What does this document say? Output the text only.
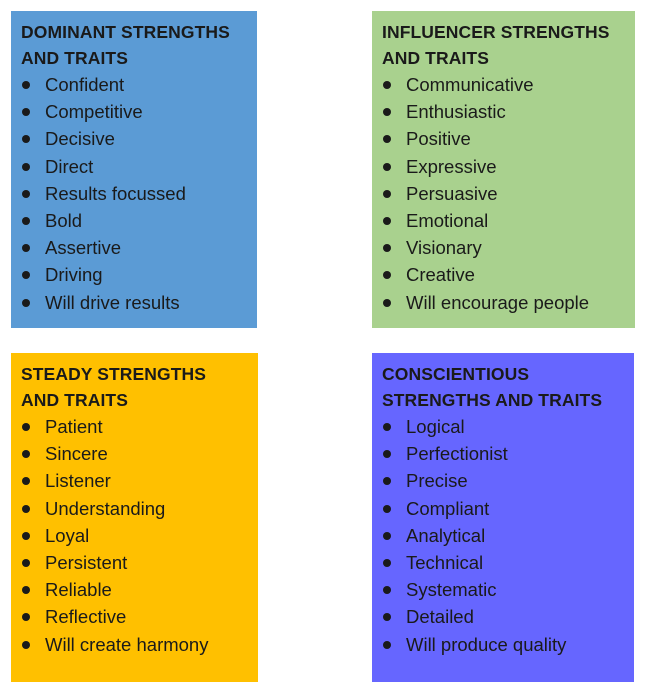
DOMINANT STRENGTHS AND TRAITS
Confident
Competitive
Decisive
Direct
Results focussed
Bold
Assertive
Driving
Will drive results
INFLUENCER STRENGTHS AND TRAITS
Communicative
Enthusiastic
Positive
Expressive
Persuasive
Emotional
Visionary
Creative
Will encourage people
STEADY STRENGTHS AND TRAITS
Patient
Sincere
Listener
Understanding
Loyal
Persistent
Reliable
Reflective
Will create harmony
CONSCIENTIOUS STRENGTHS AND TRAITS
Logical
Perfectionist
Precise
Compliant
Analytical
Technical
Systematic
Detailed
Will produce quality
